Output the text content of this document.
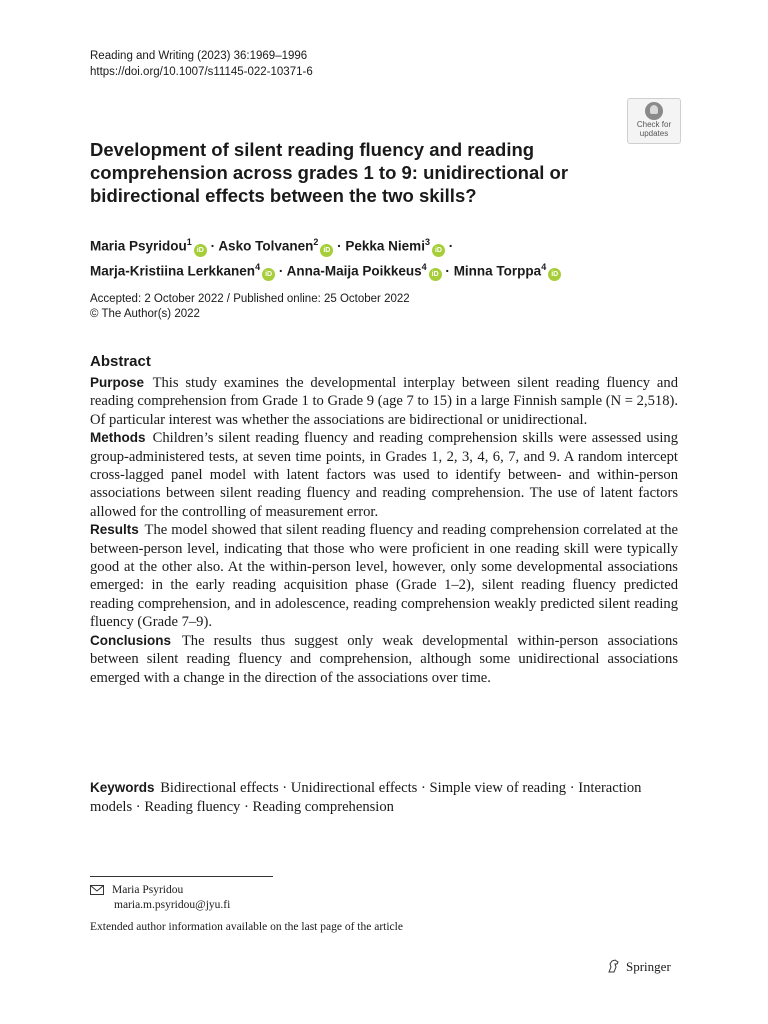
Reading and Writing (2023) 36:1969–1996
https://doi.org/10.1007/s11145-022-10371-6
Check for
updates
Development of silent reading fluency and reading comprehension across grades 1 to 9: unidirectional or bidirectional effects between the two skills?
Maria Psyridou$^1$iD · Asko Tolvanen$^2$iD · Pekka Niemi$^3$iD ·
Marja-Kristiina Lerkkanen$^4$iD · Anna-Maija Poikkeus$^4$iD · Minna Torppa$^4$iD
Accepted: 2 October 2022 / Published online: 25 October 2022
© The Author(s) 2022
Abstract

Purpose This study examines the developmental interplay between silent reading fluency and reading comprehension from Grade 1 to Grade 9 (age 7 to 15) in a large Finnish sample (N = 2,518). Of particular interest was whether the associations are bidirectional or unidirectional.

Methods Children’s silent reading fluency and reading comprehension skills were assessed using group-administered tests, at seven time points, in Grades 1, 2, 3, 4, 6, 7, and 9. A random intercept cross-lagged panel model with latent factors was used to identify between- and within-person associations between silent reading fluency and reading comprehension. The use of latent factors allowed for the controlling of measurement error.

Results The model showed that silent reading fluency and reading comprehension correlated at the between-person level, indicating that those who were proficient in one reading skill were typically good at the other also. At the within-person level, however, only some developmental associations emerged: in the early reading acquisition phase (Grade 1–2), silent reading fluency predicted reading comprehension, and in adolescence, reading comprehension weakly predicted silent reading fluency (Grade 7–9).

Conclusions The results thus suggest only weak developmental within-person associations between silent reading fluency and comprehension, although some unidirectional associations emerged with a change in the direction of the associations over time.

Keywords Bidirectional effects · Unidirectional effects · Simple view of reading · Interaction models · Reading fluency · Reading comprehension
Maria Psyridou
maria.m.psyridou@jyu.fi
Extended author information available on the last page of the article
Springer
